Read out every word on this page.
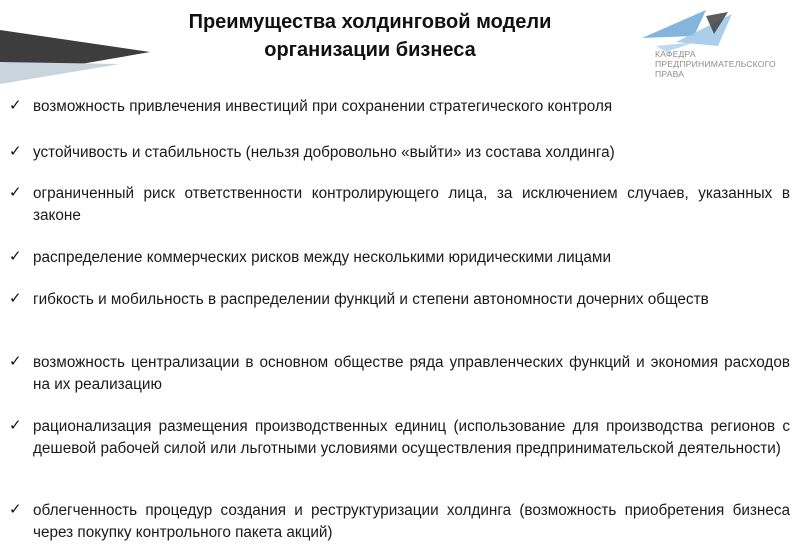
Преимущества холдинговой модели
организации бизнеса	КАФЕДРА
ПРЕДПРИНИМАТЕЛЬСКОГО
ПРАВА
✓ возможность привлечения инвестиций при сохранении стратегического контроля
✓ устойчивость и стабильность (нельзя добровольно «выйти» из состава холдинга)
✓ ограниченный риск ответственности контролирующего лица, за исключением случаев, указанных в законе
✓ распределение коммерческих рисков между несколькими юридическими лицами
✓ гибкость и мобильность в распределении функций и степени автономности дочерних обществ
✓ возможность централизации в основном обществе ряда управленческих функций и экономия расходов на их реализацию
✓ рационализация размещения производственных единиц (использование для производства регионов с дешевой рабочей силой или льготными условиями осуществления предпринимательской деятельности)
✓ облегченность процедур создания и реструктуризации холдинга (возможность приобретения бизнеса через покупку контрольного пакета акций)
